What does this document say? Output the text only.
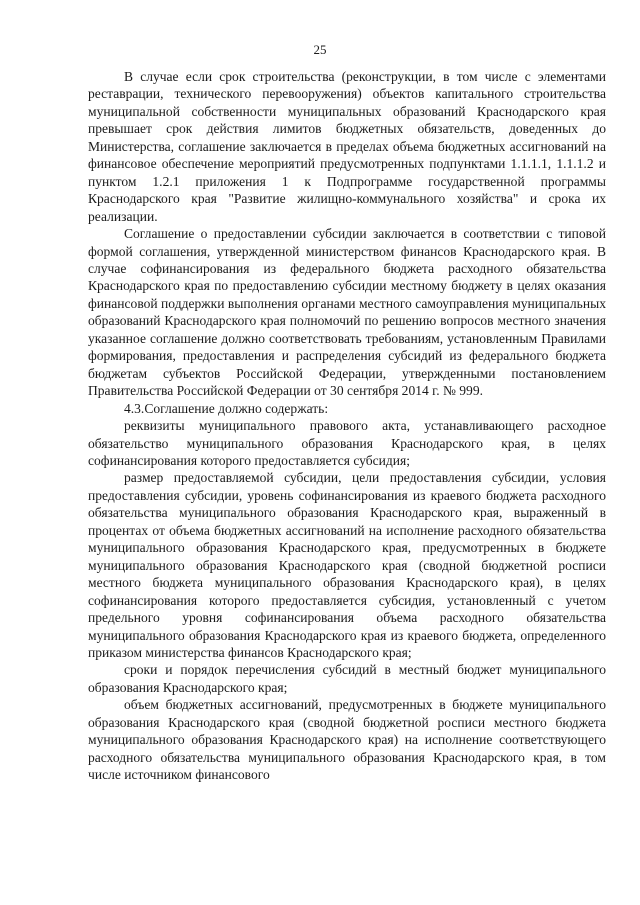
25

В случае если срок строительства (реконструкции, в том числе с элементами реставрации, технического перевооружения) объектов капитального строительства муниципальной собственности муниципальных образований Краснодарского края превышает срок действия лимитов бюджетных обязательств, доведенных до Министерства, соглашение заключается в пределах объема бюджетных ассигнований на финансовое обеспечение мероприятий предусмотренных подпунктами 1.1.1.1, 1.1.1.2 и пунктом 1.2.1 приложения 1 к Подпрограмме государственной программы Краснодарского края "Развитие жилищно-коммунального хозяйства" и срока их реализации.

Соглашение о предоставлении субсидии заключается в соответствии с типовой формой соглашения, утвержденной министерством финансов Краснодарского края. В случае софинансирования из федерального бюджета расходного обязательства Краснодарского края по предоставлению субсидии местному бюджету в целях оказания финансовой поддержки выполнения органами местного самоуправления муниципальных образований Краснодарского края полномочий по решению вопросов местного значения указанное соглашение должно соответствовать требованиям, установленным Правилами формирования, предоставления и распределения субсидий из федерального бюджета бюджетам субъектов Российской Федерации, утвержденными постановлением Правительства Российской Федерации от 30 сентября 2014 г. № 999.

4.3.Соглашение должно содержать:

реквизиты муниципального правового акта, устанавливающего расходное обязательство муниципального образования Краснодарского края, в целях софинансирования которого предоставляется субсидия;

размер предоставляемой субсидии, цели предоставления субсидии, условия предоставления субсидии, уровень софинансирования из краевого бюджета расходного обязательства муниципального образования Краснодарского края, выраженный в процентах от объема бюджетных ассигнований на исполнение расходного обязательства муниципального образования Краснодарского края, предусмотренных в бюджете муниципального образования Краснодарского края (сводной бюджетной росписи местного бюджета муниципального образования Краснодарского края), в целях софинансирования которого предоставляется субсидия, установленный с учетом предельного уровня софинансирования объема расходного обязательства муниципального образования Краснодарского края из краевого бюджета, определенного приказом министерства финансов Краснодарского края;

сроки и порядок перечисления субсидий в местный бюджет муниципального образования Краснодарского края;

объем бюджетных ассигнований, предусмотренных в бюджете муниципального образования Краснодарского края (сводной бюджетной росписи местного бюджета муниципального образования Краснодарского края) на исполнение соответствующего расходного обязательства муниципального образования Краснодарского края, в том числе источником финансового
